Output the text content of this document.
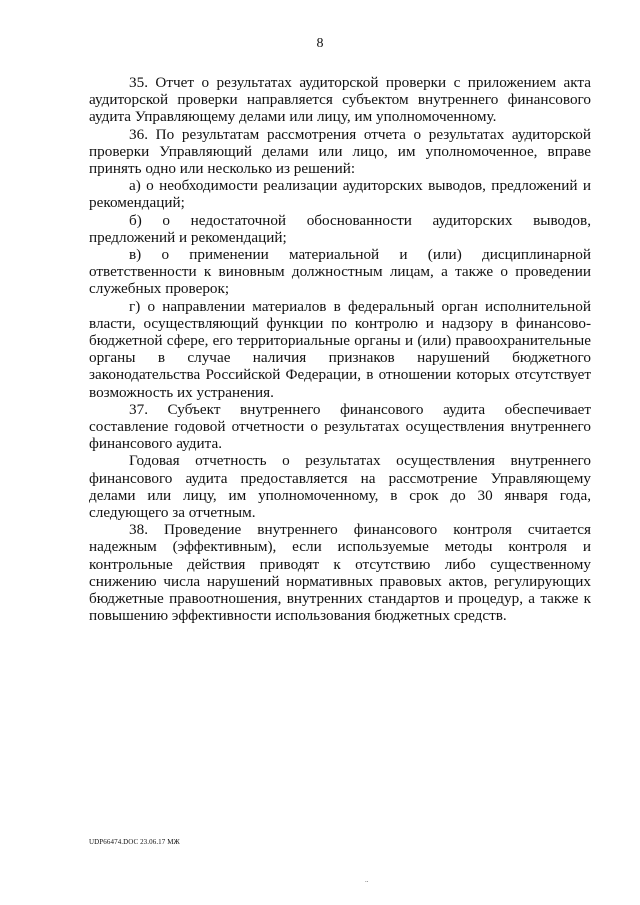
8

35. Отчет о результатах аудиторской проверки с приложением акта аудиторской проверки направляется субъектом внутреннего финансового аудита Управляющему делами или лицу, им уполномоченному.

36. По результатам рассмотрения отчета о результатах аудиторской проверки Управляющий делами или лицо, им уполномоченное, вправе принять одно или несколько из решений:

а) о необходимости реализации аудиторских выводов, предложений и рекомендаций;

б) о недостаточной обоснованности аудиторских выводов, предложений и рекомендаций;

в) о применении материальной и (или) дисциплинарной ответственности к виновным должностным лицам, а также о проведении служебных проверок;

г) о направлении материалов в федеральный орган исполнительной власти, осуществляющий функции по контролю и надзору в финансово-бюджетной сфере, его территориальные органы и (или) правоохранительные органы в случае наличия признаков нарушений бюджетного законодательства Российской Федерации, в отношении которых отсутствует возможность их устранения.

37. Субъект внутреннего финансового аудита обеспечивает составление годовой отчетности о результатах осуществления внутреннего финансового аудита.

Годовая отчетность о результатах осуществления внутреннего финансового аудита предоставляется на рассмотрение Управляющему делами или лицу, им уполномоченному, в срок до 30 января года, следующего за отчетным.

38. Проведение внутреннего финансового контроля считается надежным (эффективным), если используемые методы контроля и контрольные действия приводят к отсутствию либо существенному снижению числа нарушений нормативных правовых актов, регулирующих бюджетные правоотношения, внутренних стандартов и процедур, а также к повышению эффективности использования бюджетных средств.

UDP66474.DOC 23.06.17 МЖ
..
